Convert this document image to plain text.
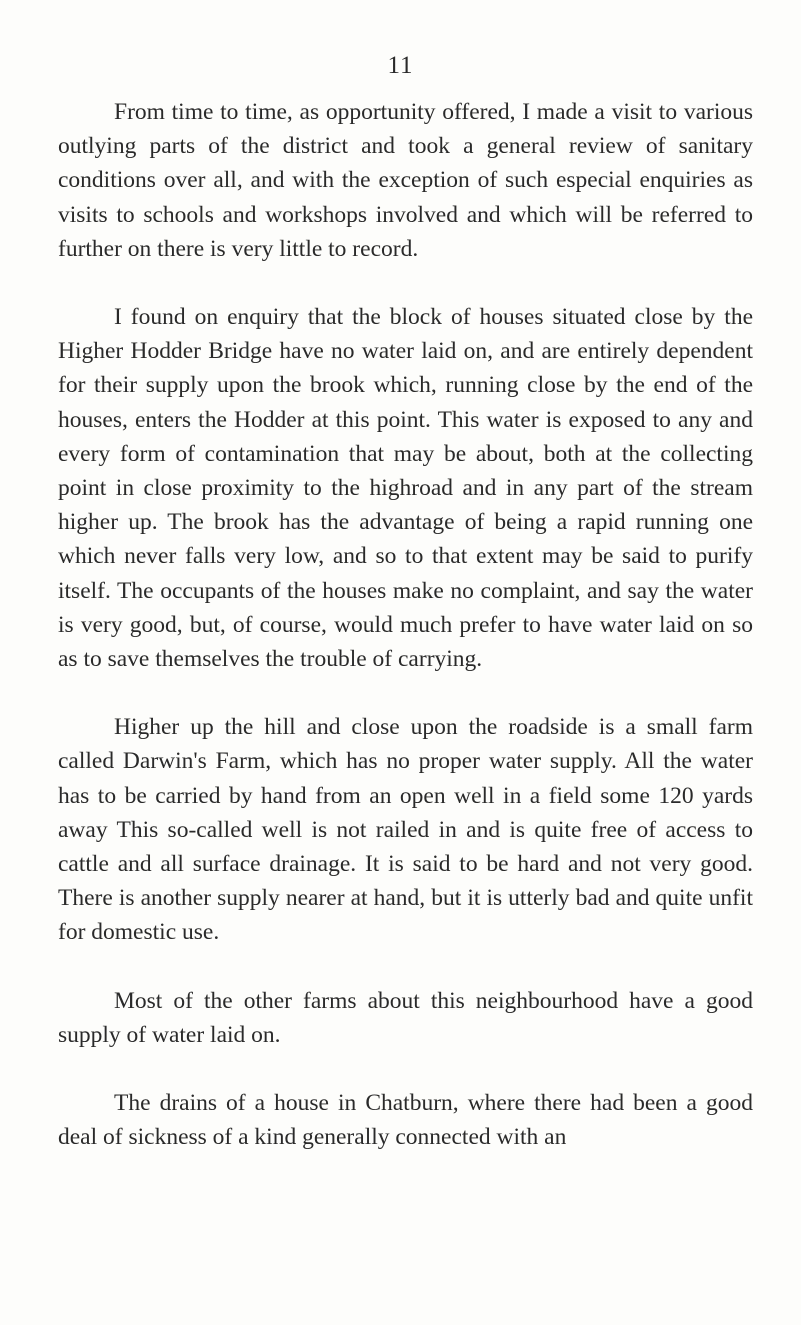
11

From time to time, as opportunity offered, I made a visit to various outlying parts of the district and took a general review of sanitary conditions over all, and with the exception of such especial enquiries as visits to schools and workshops involved and which will be referred to further on there is very little to record.

I found on enquiry that the block of houses situated close by the Higher Hodder Bridge have no water laid on, and are entirely dependent for their supply upon the brook which, running close by the end of the houses, enters the Hodder at this point. This water is exposed to any and every form of contamination that may be about, both at the collecting point in close proximity to the highroad and in any part of the stream higher up. The brook has the advantage of being a rapid running one which never falls very low, and so to that extent may be said to purify itself. The occupants of the houses make no complaint, and say the water is very good, but, of course, would much prefer to have water laid on so as to save themselves the trouble of carrying.

Higher up the hill and close upon the roadside is a small farm called Darwin's Farm, which has no proper water supply. All the water has to be carried by hand from an open well in a field some 120 yards away This so-called well is not railed in and is quite free of access to cattle and all surface drainage. It is said to be hard and not very good. There is another supply nearer at hand, but it is utterly bad and quite unfit for domestic use.

Most of the other farms about this neighbourhood have a good supply of water laid on.

The drains of a house in Chatburn, where there had been a good deal of sickness of a kind generally connected with an
